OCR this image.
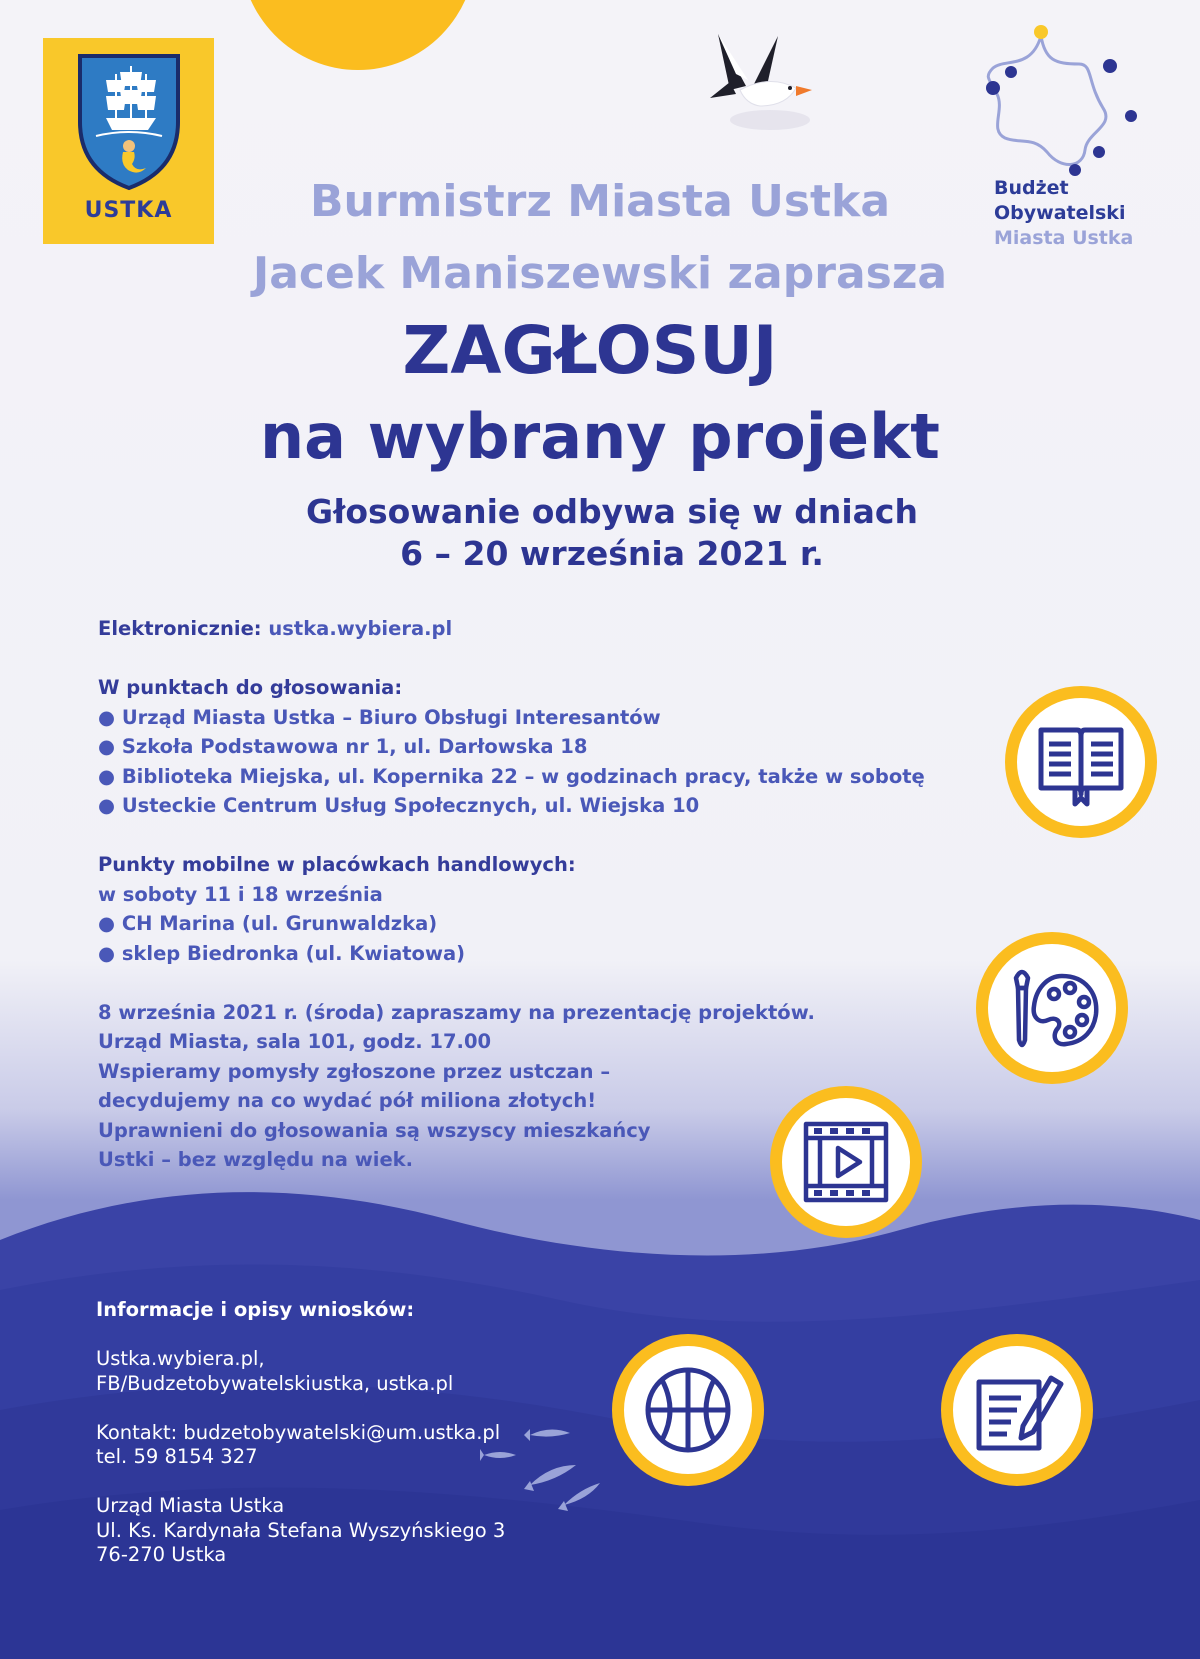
USTKA
Budżet
Obywatelski
Miasta Ustka
Burmistrz Miasta Ustka
Jacek Maniszewski zaprasza
ZAGŁOSUJ
na wybrany projekt
Głosowanie odbywa się w dniach
6 – 20 września 2021 r.
Elektronicznie: ustka.wybiera.pl
W punktach do głosowania:
● Urząd Miasta Ustka – Biuro Obsługi Interesantów
● Szkoła Podstawowa nr 1, ul. Darłowska 18
● Biblioteka Miejska, ul. Kopernika 22 – w godzinach pracy, także w sobotę
● Usteckie Centrum Usług Społecznych, ul. Wiejska 10
Punkty mobilne w placówkach handlowych:
w soboty 11 i 18 września
● CH Marina (ul. Grunwaldzka)
● sklep Biedronka (ul. Kwiatowa)
8 września 2021 r. (środa) zapraszamy na prezentację projektów.
Urząd Miasta, sala 101, godz. 17.00
Wspieramy pomysły zgłoszone przez ustczan –
decydujemy na co wydać pół miliona złotych!
Uprawnieni do głosowania są wszyscy mieszkańcy
Ustki – bez względu na wiek.
Informacje i opisy wniosków:
Ustka.wybiera.pl,
FB/Budzetobywatelskiustka, ustka.pl
Kontakt: budzetobywatelski@um.ustka.pl
tel. 59 8154 327
Urząd Miasta Ustka
Ul. Ks. Kardynała Stefana Wyszyńskiego 3
76-270 Ustka
